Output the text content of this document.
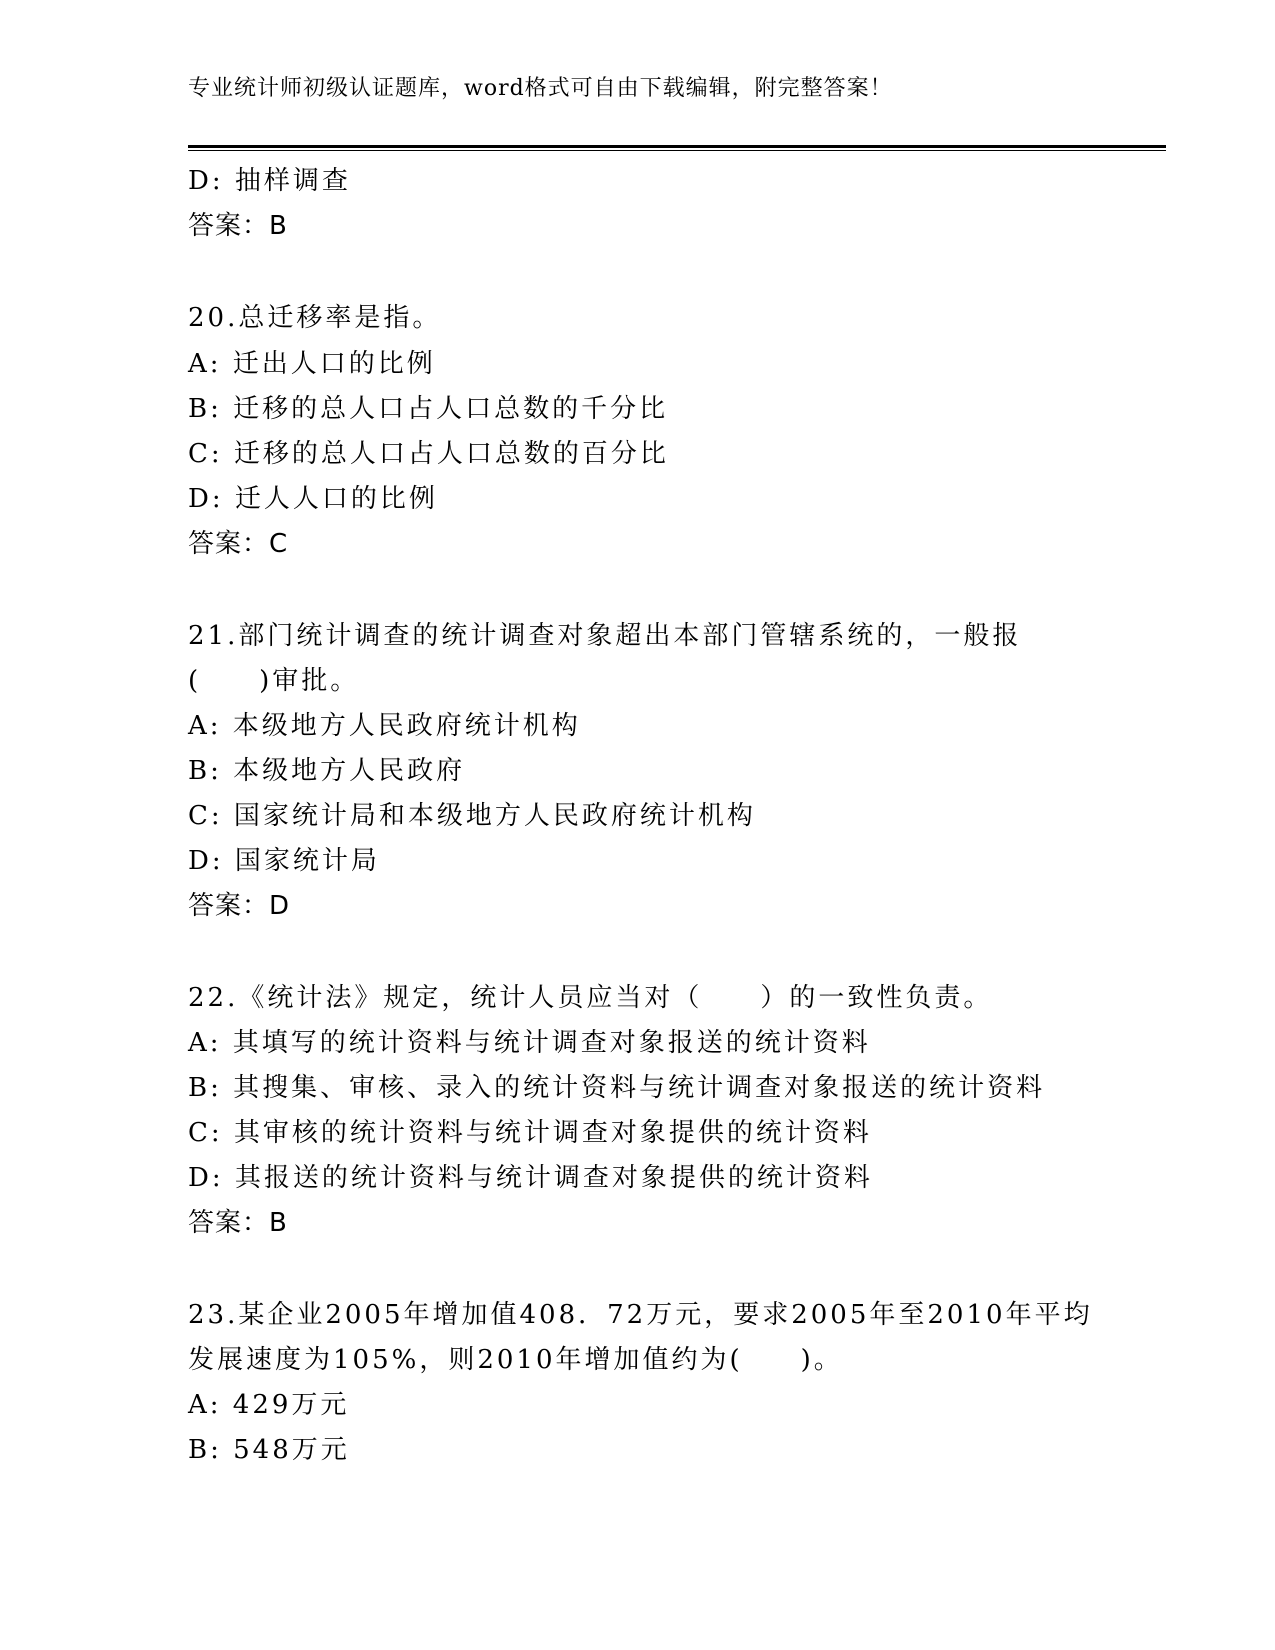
专业统计师初级认证题库，word格式可自由下载编辑，附完整答案！
D: 抽样调查
答案：B
20.总迁移率是指。
A: 迁出人口的比例
B: 迁移的总人口占人口总数的千分比
C: 迁移的总人口占人口总数的百分比
D: 迁人人口的比例
答案：C
21.部门统计调查的统计调查对象超出本部门管辖系统的，一般报
(　　)审批。
A: 本级地方人民政府统计机构
B: 本级地方人民政府
C: 国家统计局和本级地方人民政府统计机构
D: 国家统计局
答案：D
22.《统计法》规定，统计人员应当对（　　）的一致性负责。
A: 其填写的统计资料与统计调查对象报送的统计资料
B: 其搜集、审核、录入的统计资料与统计调查对象报送的统计资料
C: 其审核的统计资料与统计调查对象提供的统计资料
D: 其报送的统计资料与统计调查对象提供的统计资料
答案：B
23.某企业2005年增加值408．72万元，要求2005年至2010年平均
发展速度为105%，则2010年增加值约为(　　)。
A: 429万元
B: 548万元
